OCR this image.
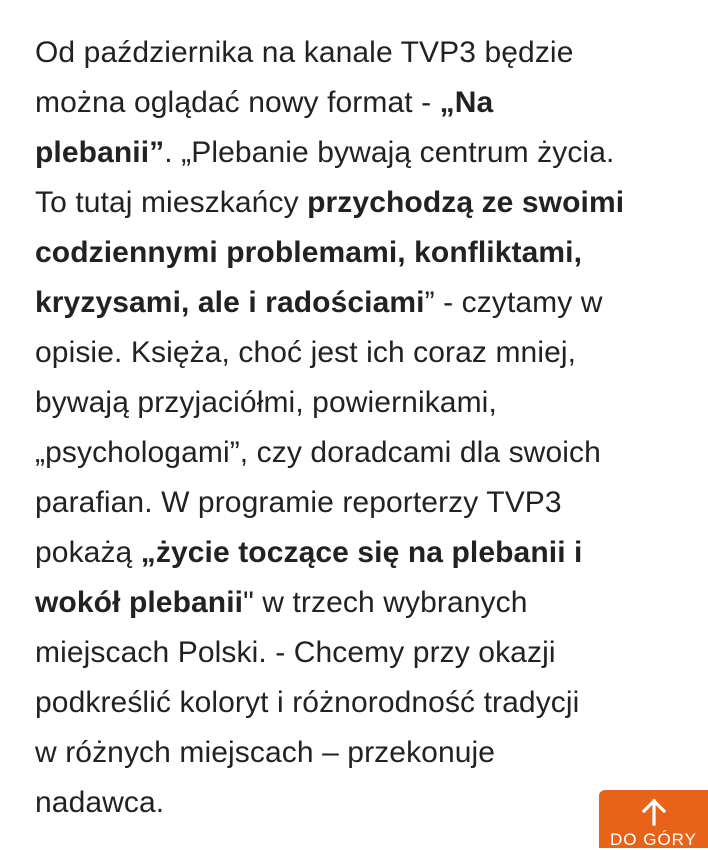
Od października na kanale TVP3 będzie
można oglądać nowy format - „Na
plebanii”. „Plebanie bywają centrum życia.
To tutaj mieszkańcy przychodzą ze swoimi
codziennymi problemami, konfliktami,
kryzysami, ale i radościami” - czytamy w
opisie. Księża, choć jest ich coraz mniej,
bywają przyjaciółmi, powiernikami,
„psychologami”, czy doradcami dla swoich
parafian. W programie reporterzy TVP3
pokażą „życie toczące się na plebanii i
wokół plebanii" w trzech wybranych
miejscach Polski. - Chcemy przy okazji
podkreślić koloryt i różnorodność tradycji
w różnych miejscach – przekonuje
nadawca.
DO GÓRY
